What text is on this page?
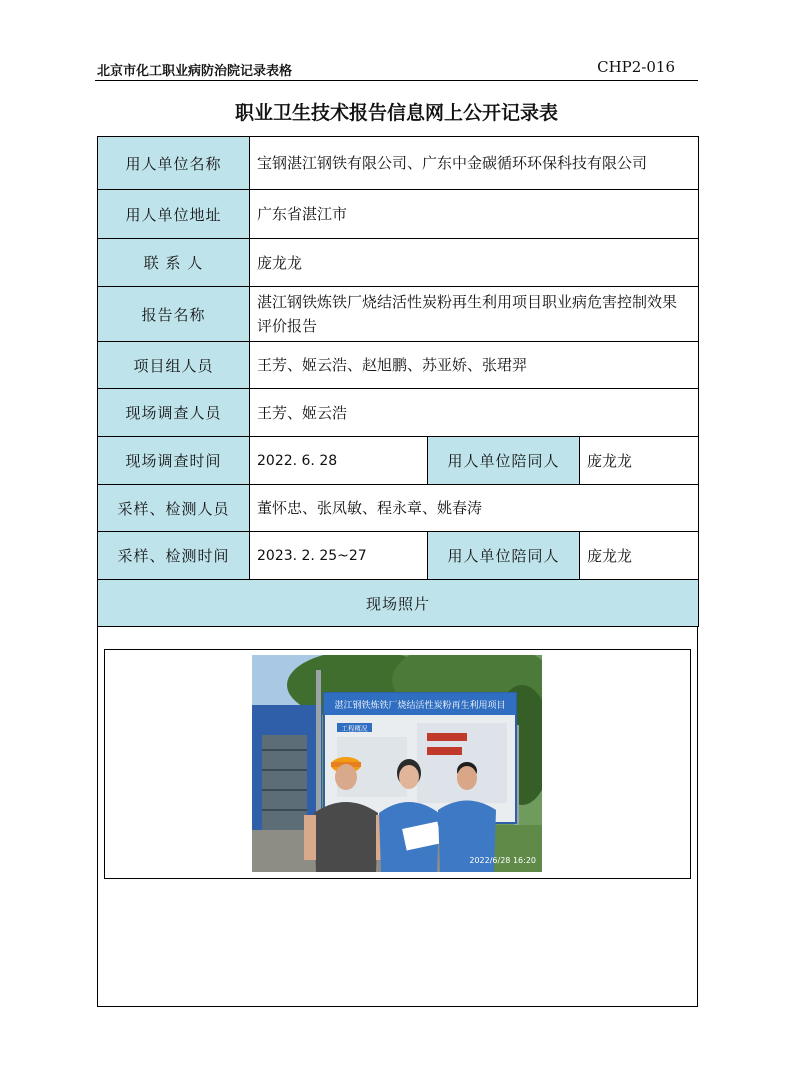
北京市化工职业病防治院记录表格	CHP2-016
职业卫生技术报告信息网上公开记录表
用人单位名称	宝钢湛江钢铁有限公司、广东中金碳循环环保科技有限公司		
用人单位地址	广东省湛江市		
联 系 人	庞龙龙		
报告名称	湛江钢铁炼铁厂烧结活性炭粉再生利用项目职业病危害控制效果评价报告		
项目组人员	王芳、姬云浩、赵旭鹏、苏亚娇、张珺羿		
现场调查人员	王芳、姬云浩		
现场调查时间	2022. 6. 28	用人单位陪同人	庞龙龙
采样、检测人员	董怀忠、张凤敏、程永章、姚春涛		
采样、检测时间	2023. 2. 25~27	用人单位陪同人	庞龙龙
现场照片			
湛江钢铁炼铁厂烧结活性炭粉再生利用项目
工程概况
2022/6/28 16:20
